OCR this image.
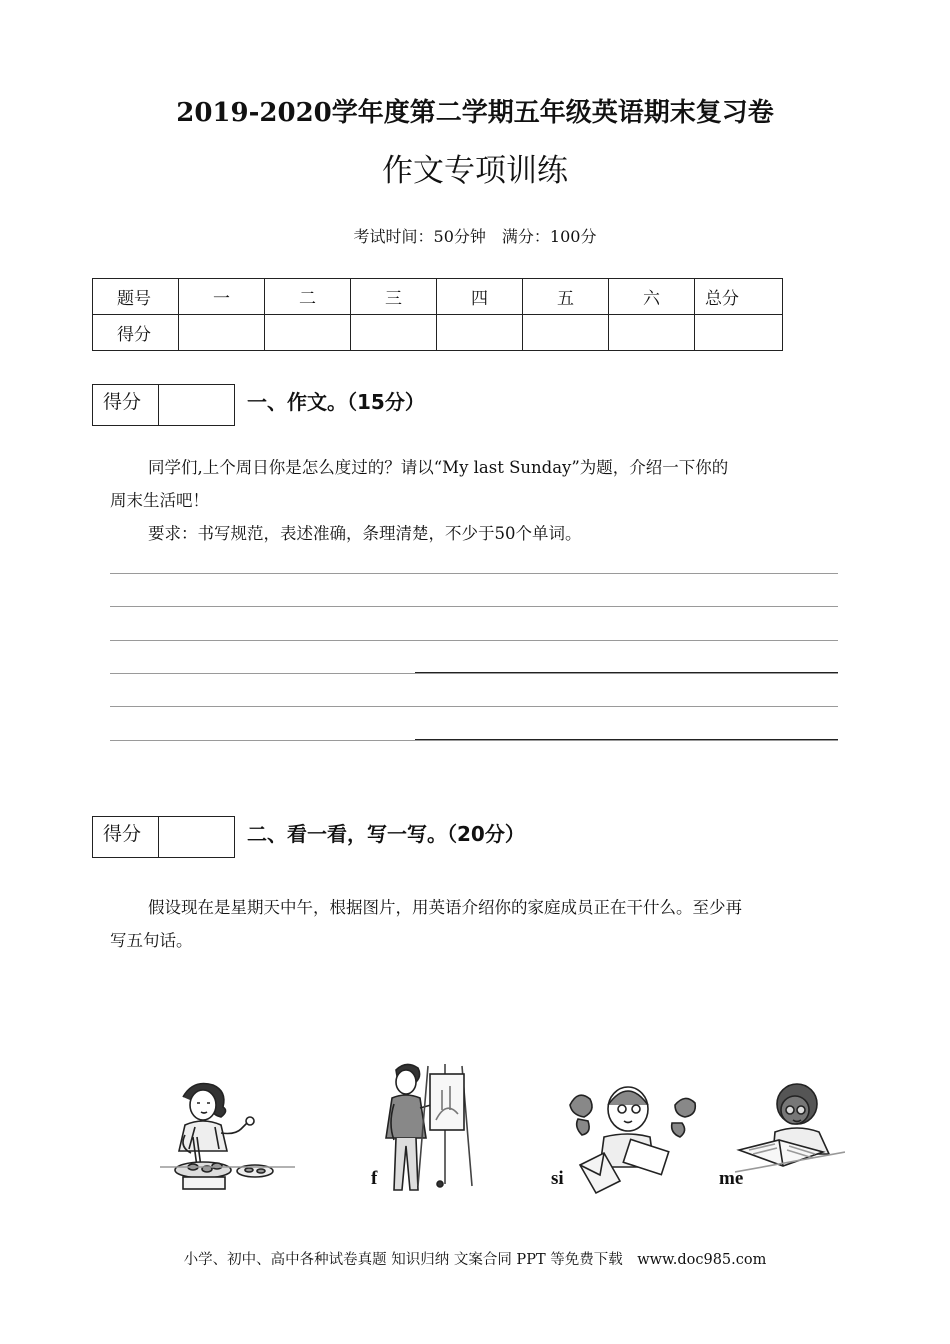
2019-2020学年度第二学期五年级英语期末复习卷
作文专项训练
考试时间：50分钟　满分：100分
题号	一	二	三	四	五	六	总分
得分							
得分	一、作文。（15分）
同学们,上个周日你是怎么度过的？请以“My last Sunday”为题，介绍一下你的
周末生活吧！
要求：书写规范，表述准确，条理清楚，不少于50个单词。
得分	二、看一看，写一写。（20分）
假设现在是星期天中午，根据图片，用英语介绍你的家庭成员正在干什么。至少再
写五句话。
f	si	me
小学、初中、高中各种试卷真题 知识归纳 文案合同 PPT 等免费下载　www.doc985.com
